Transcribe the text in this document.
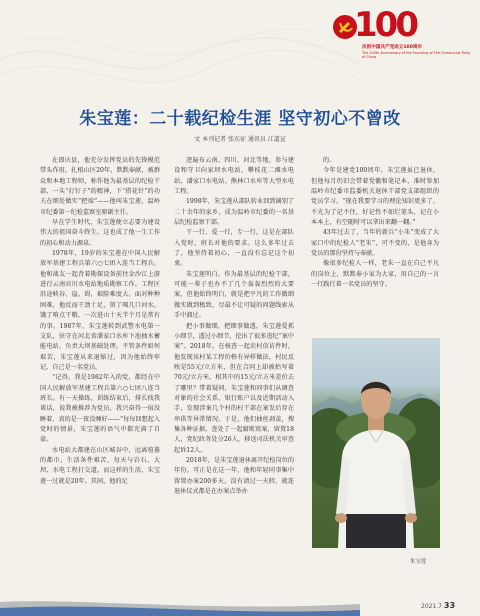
100
庆祝中国共产党成立100周年
The 100th Anniversary of the Founding of The Communist Party of China
朱宝莲：二十载纪检生涯 坚守初心不曾改
文 本刊记者 张东征 通讯员 江道宣

在郎庆县，他充分发挥党员的先锋模范带头作用，扎根山区20年，默默奉献，被群众和本地工程师，称作他为最基层的纪检干部，一头“打钉子”的精神，下“搭花针”的功夫在细处做实“把端”——他叫朱宝莲，温岭市纪委第一纪检监察室原副主任。

早在学生时代，朱宝莲便立志要为建设伟大的祖国奋斗终生。这也成了他一生工作的初心和动力源泉。

1978年，19岁的朱宝莲在中国人民解放军基建工程兵第六○七团入连当工程兵。他和战友一起背着勘探设备前往金沙江上游进行云南宾川水电站地质勘察工作。工程区沿途峡谷、崖、碍，艰险难度大。面对种种困难，他反而干劲十足，留了喝几口河水，饿了啃点干粮，一次进山十天半个月是常有的事。1987年，朱宝莲转到武警水电第一支队，驻守在河北省潘家口水库下池抽水蓄能电站，负责大坝基础处理。不管条件如何艰苦，朱宝莲从来退缩过，因为他始终牢记，自己是一名党员。

“记得，我是1982年入的党，都经在中国人民解放军基建工程兵第六○七团八连当班长。有一天操练，训练结束后，排长找我谈话，说我被推荐为党员，我兴奋得一宿没睡着，真的是一夜没睡好——”每每回想起入党时的情景，朱宝莲的语气中都充满了自豪。

水电站大都建在山区城谷中，远离喧嚣的都市，生活条件艰苦，每天与岩石、大坝、水电工程打交道。而这样的生活，朱宝莲一过就是20年。其间，他的足

迹遍布云南、四川、河北等地，参与建设和守卫向家坝水电站、攀枝花二滩水电站、潘家口水电站、熊林口水库等大型水电工程。

1998年，朱宝莲从部队转业回到阔别了二十余年的家乡，成为温岭市纪委的一名基层纪检监察干部。

干一行、爱一行，专一行，这是在部队入党时，班长对他的要求。这么多年过去了，他坚持着初心，一直没有忘记这个初衷。

朱宝莲明白，作为最基层的纪检干部，可能一辈子也办不了几个轰轰烈烈的大要案，但他始终明白，就是把平凡的工作做细做实做到极致，尽最不让可疑的问题线索从手中溜过。

把小事做细，把细事做透。朱宝莲爱抓小细节，透过小细节，挖出了很多违纪“案中案”。2018年，在核查一起农村信访件时，他发现该村某工程价格有异样做法，村民反映是55元/立方米，但在合同上却被抬写着70元/立方米，相其中的15元/立方米差价去了哪里？带着疑问，朱宝莲和同事们从调查对象的社会关系、银行账户以及近期活动入手，发现涉案几个村的村干部在案发后存在串供等异常情况。于是，他们抽丝剥茧，搜集各种证据，查处了一起腐败窝案，留置18人，党纪政务处分26人，移送司法机关审查起诉12人。

2018年，是朱宝莲退休离开纪检岗位的年份。可正是在这一年，他和年轻同事集中留置办案200多天，没有请过一天假，就连退休仪式都是在办案点举办

的。

今年是建党100周年，朱宝莲虽已退休，但他每月仍旧会带着党徽和笔记本，准时参加温岭市纪委市监委机关退休干部党支部组织的党员学习。“现在我要学习的理论知识更多了，不光为了记不住，好记性不如烂笔头，记在小本本上，有空随时可以拿出来翻一翻。”

43年过去了，当年的新兵“小朱”变成了大家口中的纪检人“老朱”，可不变的，是他身为党员的那份坚持与奉献。

像很多纪检人一样，老朱一直在自己平凡的岗位上，默默奉小家为大家，用自己的一言一行践行着一名党员的坚守。

朱宝莲
2021.7 33
